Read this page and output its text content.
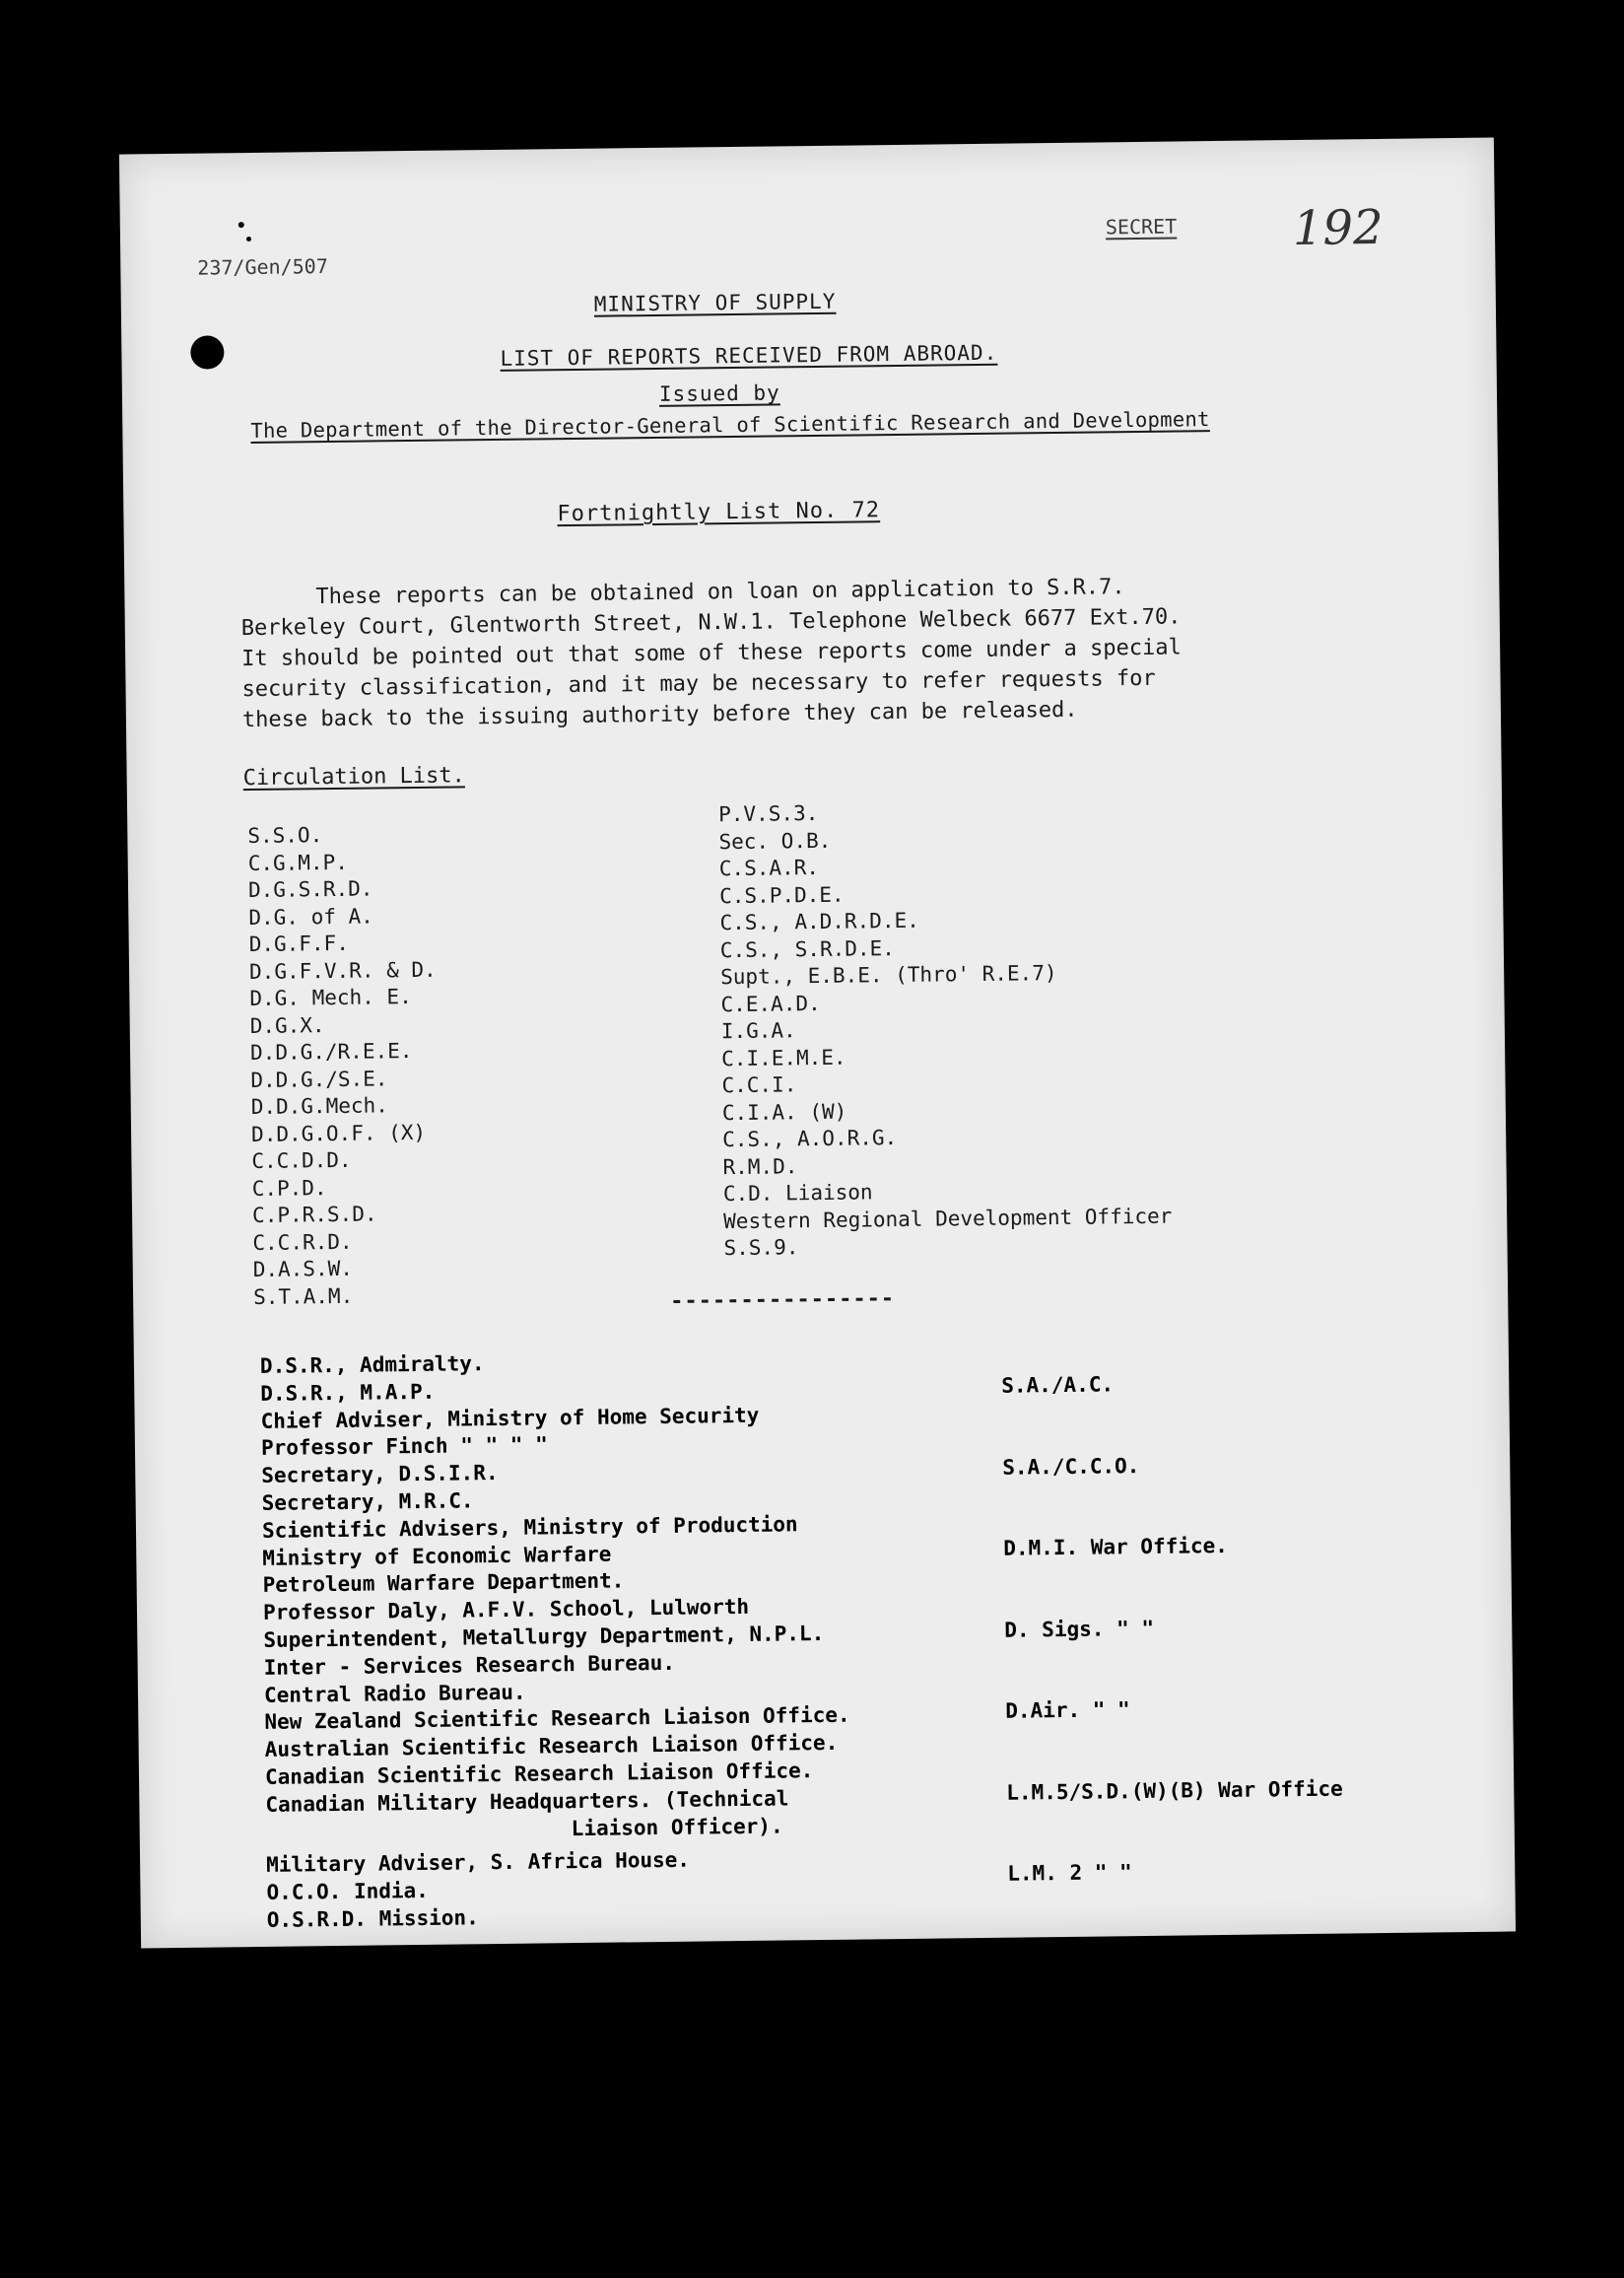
237/Gen/507
SECRET 192
MINISTRY OF SUPPLY
LIST OF REPORTS RECEIVED FROM ABROAD.
Issued by
The Department of the Director-General of Scientific Research and Development
Fortnightly List No. 72
These reports can be obtained on loan on application to S.R.7.
Berkeley Court, Glentworth Street, N.W.1. Telephone Welbeck 6677 Ext.70.
It should be pointed out that some of these reports come under a special
security classification, and it may be necessary to refer requests for
these back to the issuing authority before they can be released.
Circulation List.
S.S.O.
C.G.M.P.
D.G.S.R.D.
D.G. of A.
D.G.F.F.
D.G.F.V.R. & D.
D.G. Mech. E.
D.G.X.
D.D.G./R.E.E.
D.D.G./S.E.
D.D.G.Mech.
D.D.G.O.F. (X)
C.C.D.D.
C.P.D.
C.P.R.S.D.
C.C.R.D.
D.A.S.W.
S.T.A.M.
P.V.S.3.
Sec. O.B.
C.S.A.R.
C.S.P.D.E.
C.S., A.D.R.D.E.
C.S., S.R.D.E.
Supt., E.B.E. (Thro' R.E.7)
C.E.A.D.
I.G.A.
C.I.E.M.E.
C.C.I.
C.I.A. (W)
C.S., A.O.R.G.
R.M.D.
C.D. Liaison
Western Regional Development Officer
S.S.9.
----------------
D.S.R., Admiralty.
D.S.R., M.A.P.
Chief Adviser, Ministry of Home Security
Professor Finch " " " "
Secretary, D.S.I.R.
Secretary, M.R.C.
Scientific Advisers, Ministry of Production
Ministry of Economic Warfare
Petroleum Warfare Department.
Professor Daly, A.F.V. School, Lulworth
Superintendent, Metallurgy Department, N.P.L.
Inter - Services Research Bureau.
Central Radio Bureau.
New Zealand Scientific Research Liaison Office.
Australian Scientific Research Liaison Office.
Canadian Scientific Research Liaison Office.
Canadian Military Headquarters. (Technical
Liaison Officer).
Military Adviser, S. Africa House.
O.C.O. India.
O.S.R.D. Mission.

S.A./A.C.

S.A./C.C.O.

D.M.I. War Office.

D. Sigs. " "

D.Air. " "

L.M.5/S.D.(W)(B) War Office

L.M. 2 " "

D.M.T. (M.T.8) " "

S.P.3(a) " "

L.D.I.

B.C.S.O.
